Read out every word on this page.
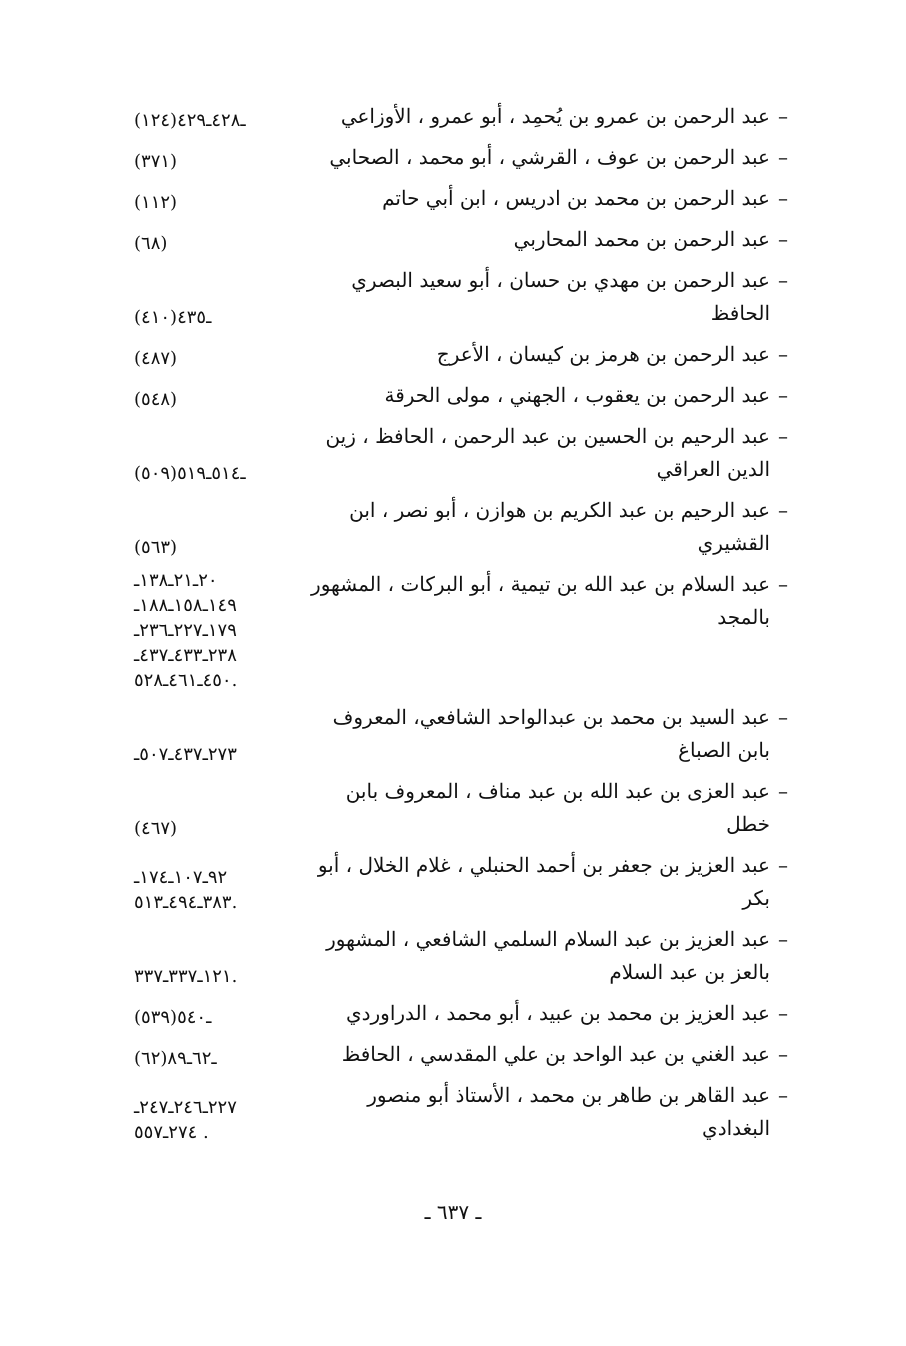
–
عبد الرحمن بن عمرو بن يُحمِد ، أبو عمرو ، الأوزاعي
(١٢٤)ـ٤٢٨ـ٤٢٩
–
عبد الرحمن بن عوف ، القرشي ، أبو محمد ، الصحابي
(٣٧١)
–
عبد الرحمن بن محمد بن ادريس ، ابن أبي حاتم
(١١٢)
–
عبد الرحمن بن محمد المحاربي
(٦٨)
–
عبد الرحمن بن مهدي بن حسان ، أبو سعيد البصري الحافظ
(٤١٠)ـ٤٣٥
–
عبد الرحمن بن هرمز بن كيسان ، الأعرج
(٤٨٧)
–
عبد الرحمن بن يعقوب ، الجهني ، مولى الحرقة
(٥٤٨)
–
عبد الرحيم بن الحسين بن عبد الرحمن ، الحافظ ، زين الدين العراقي
(٥٠٩)ـ٥١٤ـ٥١٩
–
عبد الرحيم بن عبد الكريم بن هوازن ، أبو نصر ، ابن القشيري
(٥٦٣)
–
عبد السلام بن عبد الله بن تيمية ، أبو البركات ، المشهور بالمجد
٢٠ـ٢١ـ١٣٨ـ
١٤٩ـ١٥٨ـ١٨٨ـ
١٧٩ـ٢٢٧ـ٢٣٦ـ
٢٣٨ـ٤٣٣ـ٤٣٧ـ
٤٥٠ـ٤٦١ـ٥٢٨.
–
عبد السيد بن محمد بن عبدالواحد الشافعي، المعروف بابن الصباغ
٢٧٣ـ٤٣٧ـ٥٠٧ـ
–
عبد العزى بن عبد الله بن عبد مناف ، المعروف بابن خطل
(٤٦٧)
–
عبد العزيز بن جعفر بن أحمد الحنبلي ، غلام الخلال ، أبو بكر
٩٢ـ١٠٧ـ١٧٤ـ
٣٨٣ـ٤٩٤ـ٥١٣.
–
عبد العزيز بن عبد السلام السلمي الشافعي ، المشهور بالعز بن عبد السلام
١٢١ـ٣٣٧ـ٣٣٧.
–
عبد العزيز بن محمد بن عبيد ، أبو محمد ، الدراوردي
(٥٣٩)ـ٥٤٠
–
عبد الغني بن عبد الواحد بن علي المقدسي ، الحافظ
(٦٢)ـ٦٢ـ٨٩
–
عبد القاهر بن طاهر بن محمد ، الأستاذ أبو منصور البغدادي
٢٢٧ـ٢٤٦ـ٢٤٧ـ
٢٧٤ـ٥٥٧ .
ـ ٦٣٧ ـ
